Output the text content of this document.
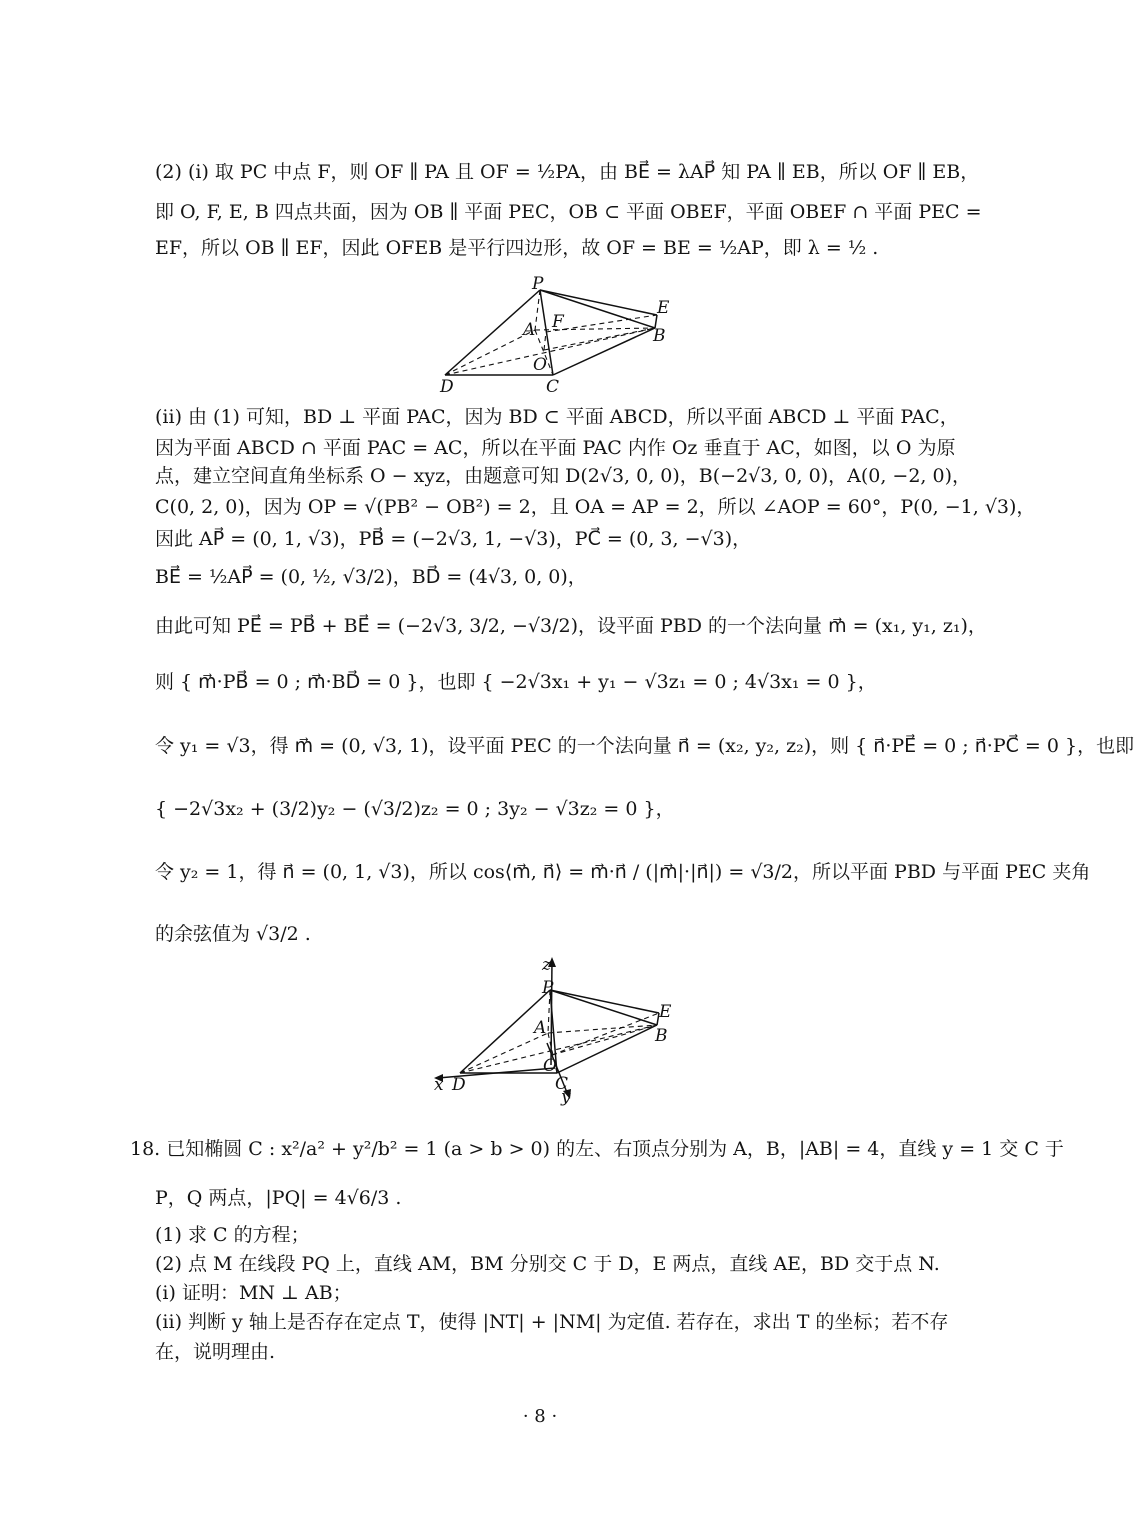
(2) (i) 取 PC 中点 F，则 OF ∥ PA 且 OF = ½PA，由 BE⃗ = λAP⃗ 知 PA ∥ EB，所以 OF ∥ EB，
即 O, F, E, B 四点共面，因为 OB ∥ 平面 PEC，OB ⊂ 平面 OBEF，平面 OBEF ∩ 平面 PEC =
EF，所以 OB ∥ EF，因此 OFEB 是平行四边形，故 OF = BE = ½AP，即 λ = ½ .
P
E
A F
B
O
D	C
(ii) 由 (1) 可知，BD ⊥ 平面 PAC，因为 BD ⊂ 平面 ABCD，所以平面 ABCD ⊥ 平面 PAC，
因为平面 ABCD ∩ 平面 PAC = AC，所以在平面 PAC 内作 Oz 垂直于 AC，如图，以 O 为原
点，建立空间直角坐标系 O − xyz，由题意可知 D(2√3, 0, 0)，B(−2√3, 0, 0)，A(0, −2, 0)，
C(0, 2, 0)，因为 OP = √(PB² − OB²) = 2，且 OA = AP = 2，所以 ∠AOP = 60°，P(0, −1, √3)，
因此 AP⃗ = (0, 1, √3)，PB⃗ = (−2√3, 1, −√3)，PC⃗ = (0, 3, −√3)，
BE⃗ = ½AP⃗ = (0, ½, √3/2)，BD⃗ = (4√3, 0, 0)，
由此可知 PE⃗ = PB⃗ + BE⃗ = (−2√3, 3/2, −√3/2)，设平面 PBD 的一个法向量 m⃗ = (x₁, y₁, z₁)，
则 { m⃗·PB⃗ = 0 ; m⃗·BD⃗ = 0 }，也即 { −2√3x₁ + y₁ − √3z₁ = 0 ; 4√3x₁ = 0 }，
令 y₁ = √3，得 m⃗ = (0, √3, 1)，设平面 PEC 的一个法向量 n⃗ = (x₂, y₂, z₂)，则 { n⃗·PE⃗ = 0 ; n⃗·PC⃗ = 0 }，也即
{ −2√3x₂ + (3/2)y₂ − (√3/2)z₂ = 0 ; 3y₂ − √3z₂ = 0 }，
令 y₂ = 1，得 n⃗ = (0, 1, √3)，所以 cos⟨m⃗, n⃗⟩ = m⃗·n⃗ / (|m⃗|·|n⃗|) = √3/2，所以平面 PBD 与平面 PEC 夹角
的余弦值为 √3/2 .
z
P
E
A	B
O
x D	C
y
18. 已知椭圆 C : x²/a² + y²/b² = 1 (a > b > 0) 的左、右顶点分别为 A，B，|AB| = 4，直线 y = 1 交 C 于
P，Q 两点，|PQ| = 4√6/3 .
(1) 求 C 的方程；
(2) 点 M 在线段 PQ 上，直线 AM，BM 分别交 C 于 D，E 两点，直线 AE，BD 交于点 N.
(i) 证明：MN ⊥ AB；
(ii) 判断 y 轴上是否存在定点 T，使得 |NT| + |NM| 为定值. 若存在，求出 T 的坐标；若不存
在，说明理由.
· 8 ·
